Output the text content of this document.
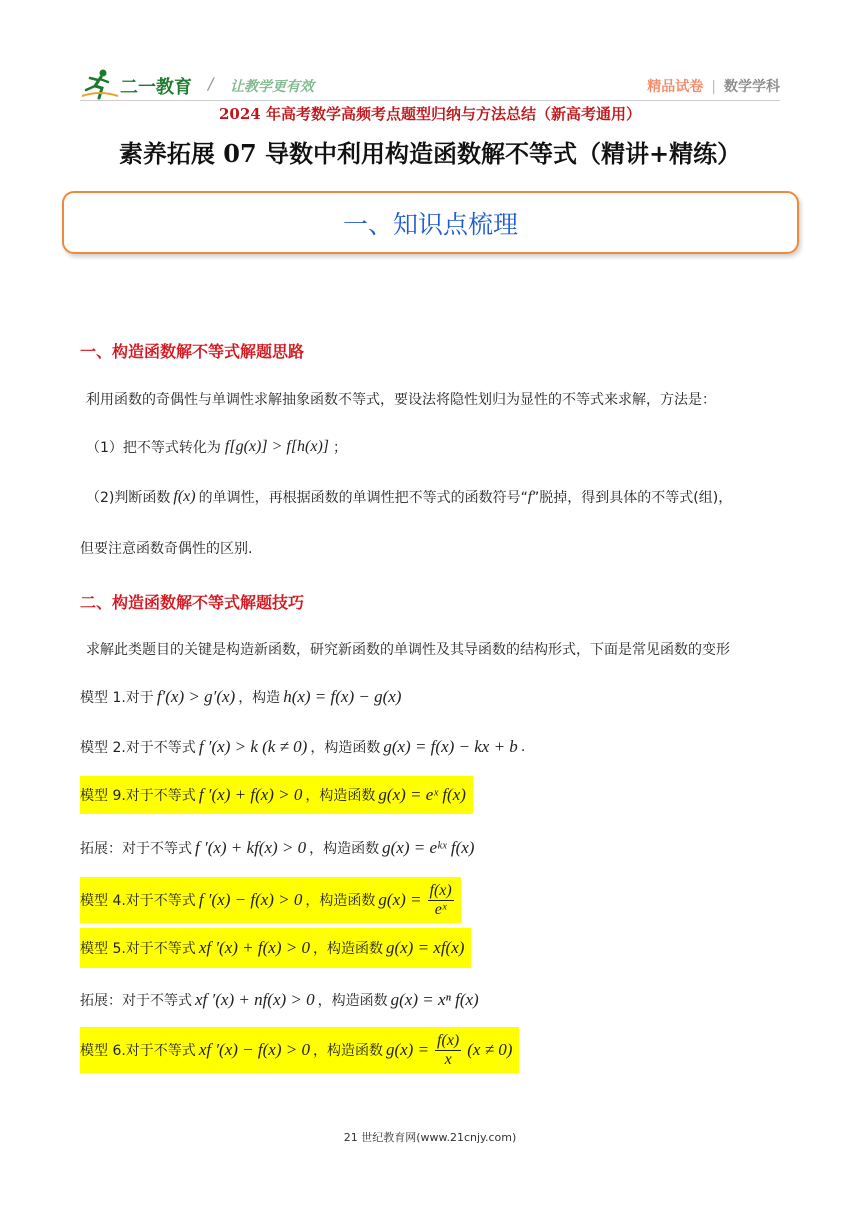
二一教育 / 让教学更有效	精品试卷 | 数学学科
2024 年高考数学高频考点题型归纳与方法总结（新高考通用）
素养拓展 07 导数中利用构造函数解不等式（精讲+精练）
一、知识点梳理
一、构造函数解不等式解题思路
利用函数的奇偶性与单调性求解抽象函数不等式，要设法将隐性划归为显性的不等式来求解，方法是：
（1）把不等式转化为 f[g(x)] > f[h(x)] ；
（2)判断函数 f(x) 的单调性，再根据函数的单调性把不等式的函数符号“ f ”脱掉，得到具体的不等式(组)，
但要注意函数奇偶性的区别.
二、构造函数解不等式解题技巧
求解此类题目的关键是构造新函数，研究新函数的单调性及其导函数的结构形式，下面是常见函数的变形
模型 1.对于 f′(x) > g′(x) ，构造 h(x) = f(x) − g(x)
模型 2.对于不等式 f ′(x) > k (k ≠ 0) ，构造函数 g(x) = f(x) − kx + b .
模型 9.对于不等式 f ′(x) + f(x) > 0 ，构造函数 g(x) = eˣ f(x)
拓展：对于不等式 f ′(x) + kf(x) > 0 ，构造函数 g(x) = eᵏˣ f(x)
模型 4.对于不等式 f ′(x) − f(x) > 0 ，构造函数 $g(x) = \frac{f(x)}{\text{eˣ}}$
模型 5.对于不等式 xf ′(x) + f(x) > 0 ，构造函数 g(x) = xf(x)
拓展：对于不等式 xf ′(x) + nf(x) > 0 ，构造函数 g(x) = xⁿ f(x)
模型 6.对于不等式 xf ′(x) − f(x) > 0 ，构造函数 $g(x) = \frac{f(x)}{x} (x \ne 0)$
21 世纪教育网(www.21cnjy.com)
